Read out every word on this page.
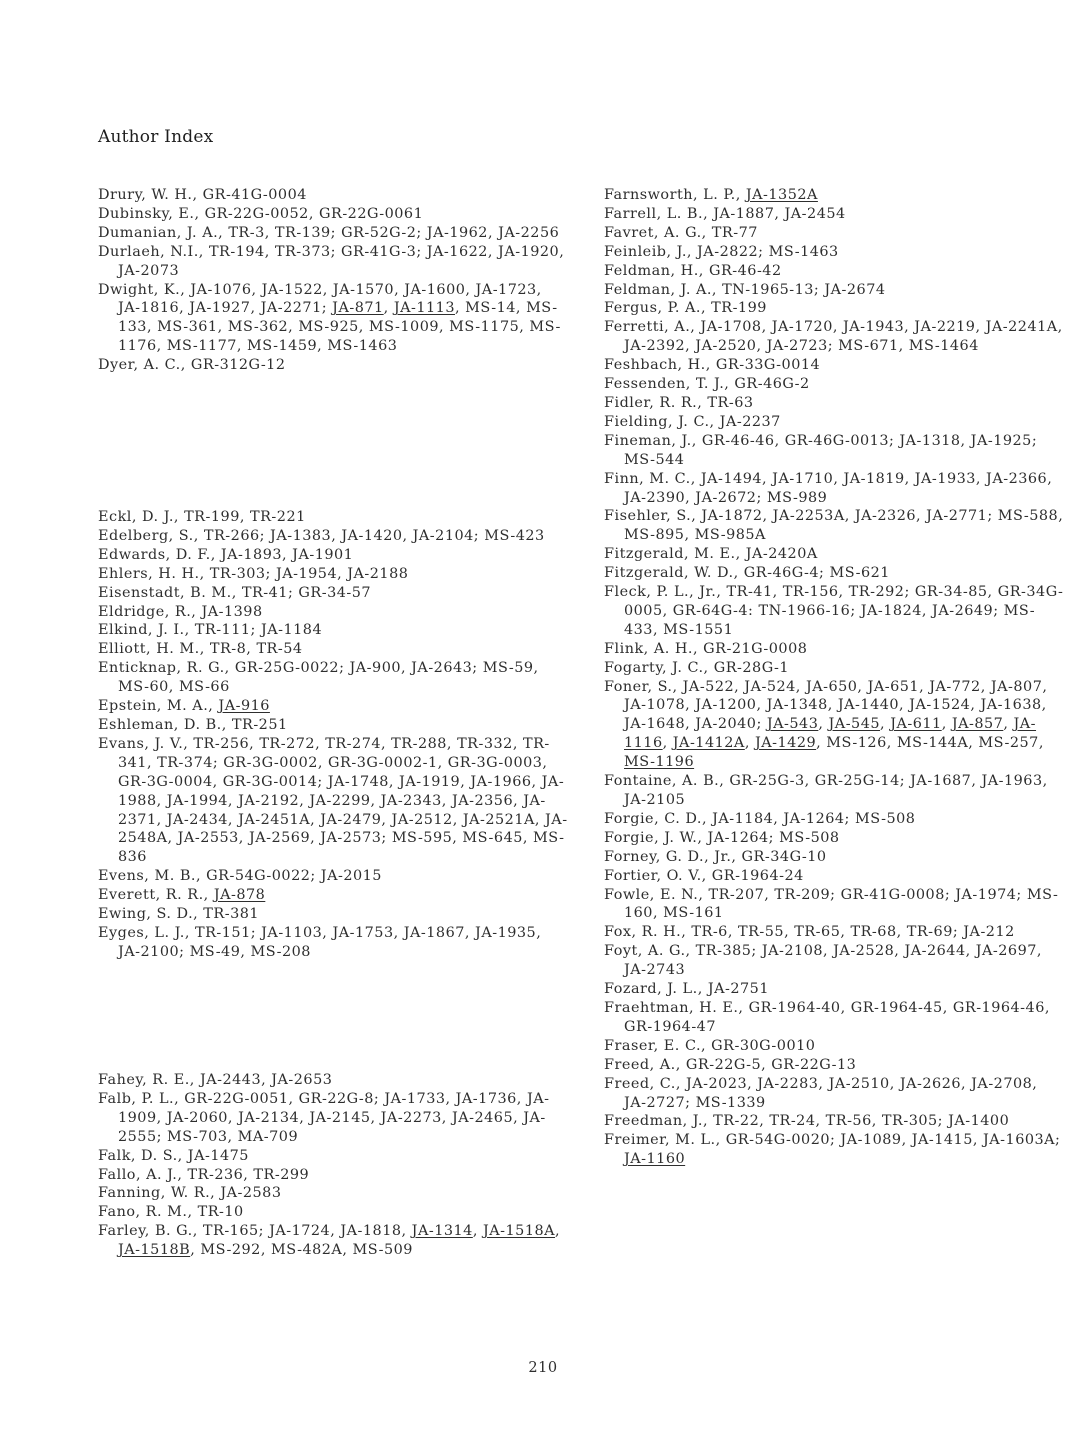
Author Index
Drury, W. H., GR-41G-0004
Dubinsky, E., GR-22G-0052, GR-22G-0061
Dumanian, J. A., TR-3, TR-139; GR-52G-2; JA-1962, JA-2256
Durlaeh, N.I., TR-194, TR-373; GR-41G-3; JA-1622, JA-1920, JA-2073
Dwight, K., JA-1076, JA-1522, JA-1570, JA-1600, JA-1723, JA-1816, JA-1927, JA-2271; JA-871, JA-1113, MS-14, MS-133, MS-361, MS-362, MS-925, MS-1009, MS-1175, MS-1176, MS-1177, MS-1459, MS-1463
Dyer, A. C., GR-312G-12
Eckl, D. J., TR-199, TR-221
Edelberg, S., TR-266; JA-1383, JA-1420, JA-2104; MS-423
Edwards, D. F., JA-1893, JA-1901
Ehlers, H. H., TR-303; JA-1954, JA-2188
Eisenstadt, B. M., TR-41; GR-34-57
Eldridge, R., JA-1398
Elkind, J. I., TR-111; JA-1184
Elliott, H. M., TR-8, TR-54
Enticknap, R. G., GR-25G-0022; JA-900, JA-2643; MS-59, MS-60, MS-66
Epstein, M. A., JA-916
Eshleman, D. B., TR-251
Evans, J. V., TR-256, TR-272, TR-274, TR-288, TR-332, TR-341, TR-374; GR-3G-0002, GR-3G-0002-1, GR-3G-0003, GR-3G-0004, GR-3G-0014; JA-1748, JA-1919, JA-1966, JA-1988, JA-1994, JA-2192, JA-2299, JA-2343, JA-2356, JA-2371, JA-2434, JA-2451A, JA-2479, JA-2512, JA-2521A, JA-2548A, JA-2553, JA-2569, JA-2573; MS-595, MS-645, MS-836
Evens, M. B., GR-54G-0022; JA-2015
Everett, R. R., JA-878
Ewing, S. D., TR-381
Eyges, L. J., TR-151; JA-1103, JA-1753, JA-1867, JA-1935, JA-2100; MS-49, MS-208
Fahey, R. E., JA-2443, JA-2653
Falb, P. L., GR-22G-0051, GR-22G-8; JA-1733, JA-1736, JA-1909, JA-2060, JA-2134, JA-2145, JA-2273, JA-2465, JA-2555; MS-703, MA-709
Falk, D. S., JA-1475
Fallo, A. J., TR-236, TR-299
Fanning, W. R., JA-2583
Fano, R. M., TR-10
Farley, B. G., TR-165; JA-1724, JA-1818, JA-1314, JA-1518A, JA-1518B, MS-292, MS-482A, MS-509
Farnsworth, L. P., JA-1352A
Farrell, L. B., JA-1887, JA-2454
Favret, A. G., TR-77
Feinleib, J., JA-2822; MS-1463
Feldman, H., GR-46-42
Feldman, J. A., TN-1965-13; JA-2674
Fergus, P. A., TR-199
Ferretti, A., JA-1708, JA-1720, JA-1943, JA-2219, JA-2241A, JA-2392, JA-2520, JA-2723; MS-671, MS-1464
Feshbach, H., GR-33G-0014
Fessenden, T. J., GR-46G-2
Fidler, R. R., TR-63
Fielding, J. C., JA-2237
Fineman, J., GR-46-46, GR-46G-0013; JA-1318, JA-1925; MS-544
Finn, M. C., JA-1494, JA-1710, JA-1819, JA-1933, JA-2366, JA-2390, JA-2672; MS-989
Fisehler, S., JA-1872, JA-2253A, JA-2326, JA-2771; MS-588, MS-895, MS-985A
Fitzgerald, M. E., JA-2420A
Fitzgerald, W. D., GR-46G-4; MS-621
Fleck, P. L., Jr., TR-41, TR-156, TR-292; GR-34-85, GR-34G-0005, GR-64G-4: TN-1966-16; JA-1824, JA-2649; MS-433, MS-1551
Flink, A. H., GR-21G-0008
Fogarty, J. C., GR-28G-1
Foner, S., JA-522, JA-524, JA-650, JA-651, JA-772, JA-807, JA-1078, JA-1200, JA-1348, JA-1440, JA-1524, JA-1638, JA-1648, JA-2040; JA-543, JA-545, JA-611, JA-857, JA-1116, JA-1412A, JA-1429, MS-126, MS-144A, MS-257, MS-1196
Fontaine, A. B., GR-25G-3, GR-25G-14; JA-1687, JA-1963, JA-2105
Forgie, C. D., JA-1184, JA-1264; MS-508
Forgie, J. W., JA-1264; MS-508
Forney, G. D., Jr., GR-34G-10
Fortier, O. V., GR-1964-24
Fowle, E. N., TR-207, TR-209; GR-41G-0008; JA-1974; MS-160, MS-161
Fox, R. H., TR-6, TR-55, TR-65, TR-68, TR-69; JA-212
Foyt, A. G., TR-385; JA-2108, JA-2528, JA-2644, JA-2697, JA-2743
Fozard, J. L., JA-2751
Fraehtman, H. E., GR-1964-40, GR-1964-45, GR-1964-46, GR-1964-47
Fraser, E. C., GR-30G-0010
Freed, A., GR-22G-5, GR-22G-13
Freed, C., JA-2023, JA-2283, JA-2510, JA-2626, JA-2708, JA-2727; MS-1339
Freedman, J., TR-22, TR-24, TR-56, TR-305; JA-1400
Freimer, M. L., GR-54G-0020; JA-1089, JA-1415, JA-1603A; JA-1160
210
